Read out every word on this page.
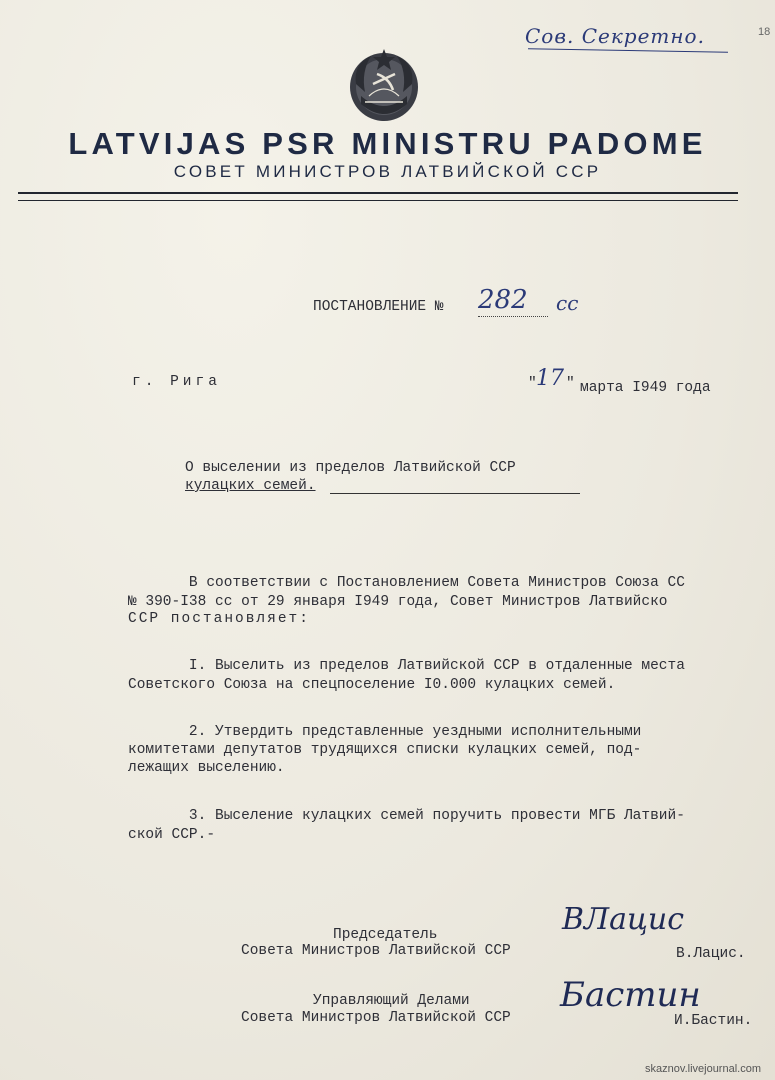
Сов. Секретно.	18
LATVIJAS PSR MINISTRU PADOME
СОВЕТ МИНИСТРОВ ЛАТВИЙСКОЙ ССР
ПОСТАНОВЛЕНИЕ № 282 сс
г. Рига	" 17 " марта I949 года
О выселении из пределов Латвийской ССР
кулацких семей.
В соответствии с Постановлением Совета Министров Союза СС
№ 390-I38 сс от 29 января I949 года, Совет Министров Латвийско
ССР постановляет:
I. Выселить из пределов Латвийской ССР в отдаленные места
Советского Союза на спецпоселение I0.000 кулацких семей.
2. Утвердить представленные уездными исполнительными
комитетами депутатов трудящихся списки кулацких семей, под-
лежащих выселению.
3. Выселение кулацких семей поручить провести МГБ Латвий-
ской ССР.-
Председатель
Совета Министров Латвийской ССР
ВЛацис
В.Лацис.
Управляющий Делами
Совета Министров Латвийской ССР
Бастин
И.Бастин.
skaznov.livejournal.com
